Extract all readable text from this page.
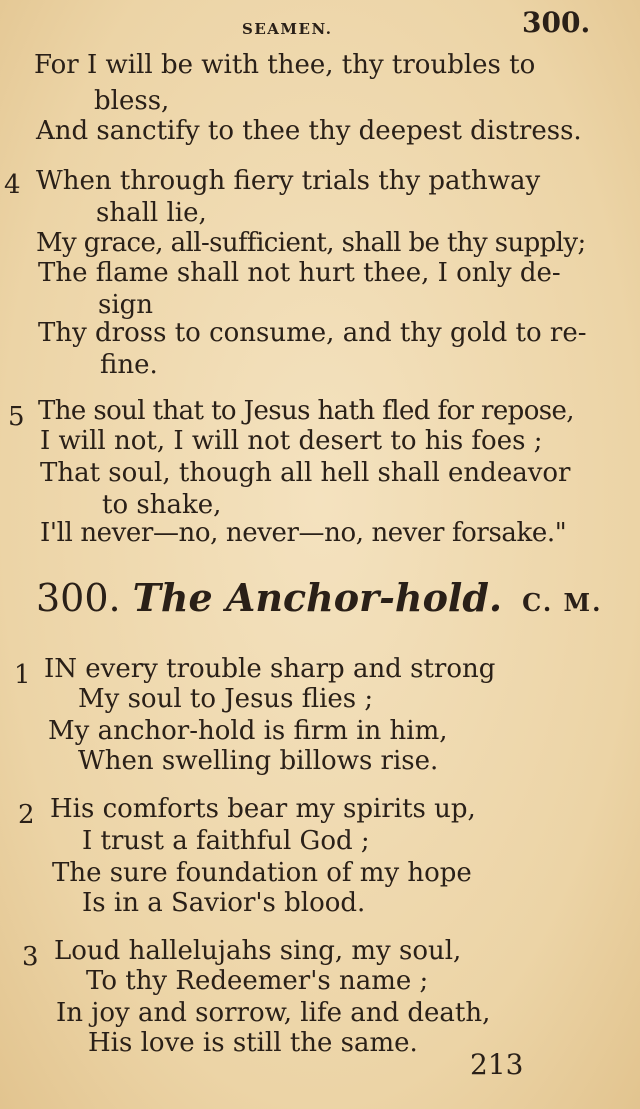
SEAMEN.	300.
For I will be with thee, thy troubles to
bless,
And sanctify to thee thy deepest distress.
4 When through fiery trials thy pathway
shall lie,
My grace, all-sufficient, shall be thy supply;
The flame shall not hurt thee, I only de-
sign
Thy dross to consume, and thy gold to re-
fine.
5 The soul that to Jesus hath fled for repose,
I will not, I will not desert to his foes ;
That soul, though all hell shall endeavor
to shake,
I'll never—no, never—no, never forsake."
300. The Anchor-hold. C. M.
1 IN every trouble sharp and strong
My soul to Jesus flies ;
My anchor-hold is firm in him,
When swelling billows rise.
2 His comforts bear my spirits up,
I trust a faithful God ;
The sure foundation of my hope
Is in a Savior's blood.
3 Loud hallelujahs sing, my soul,
To thy Redeemer's name ;
In joy and sorrow, life and death,
His love is still the same.
213
